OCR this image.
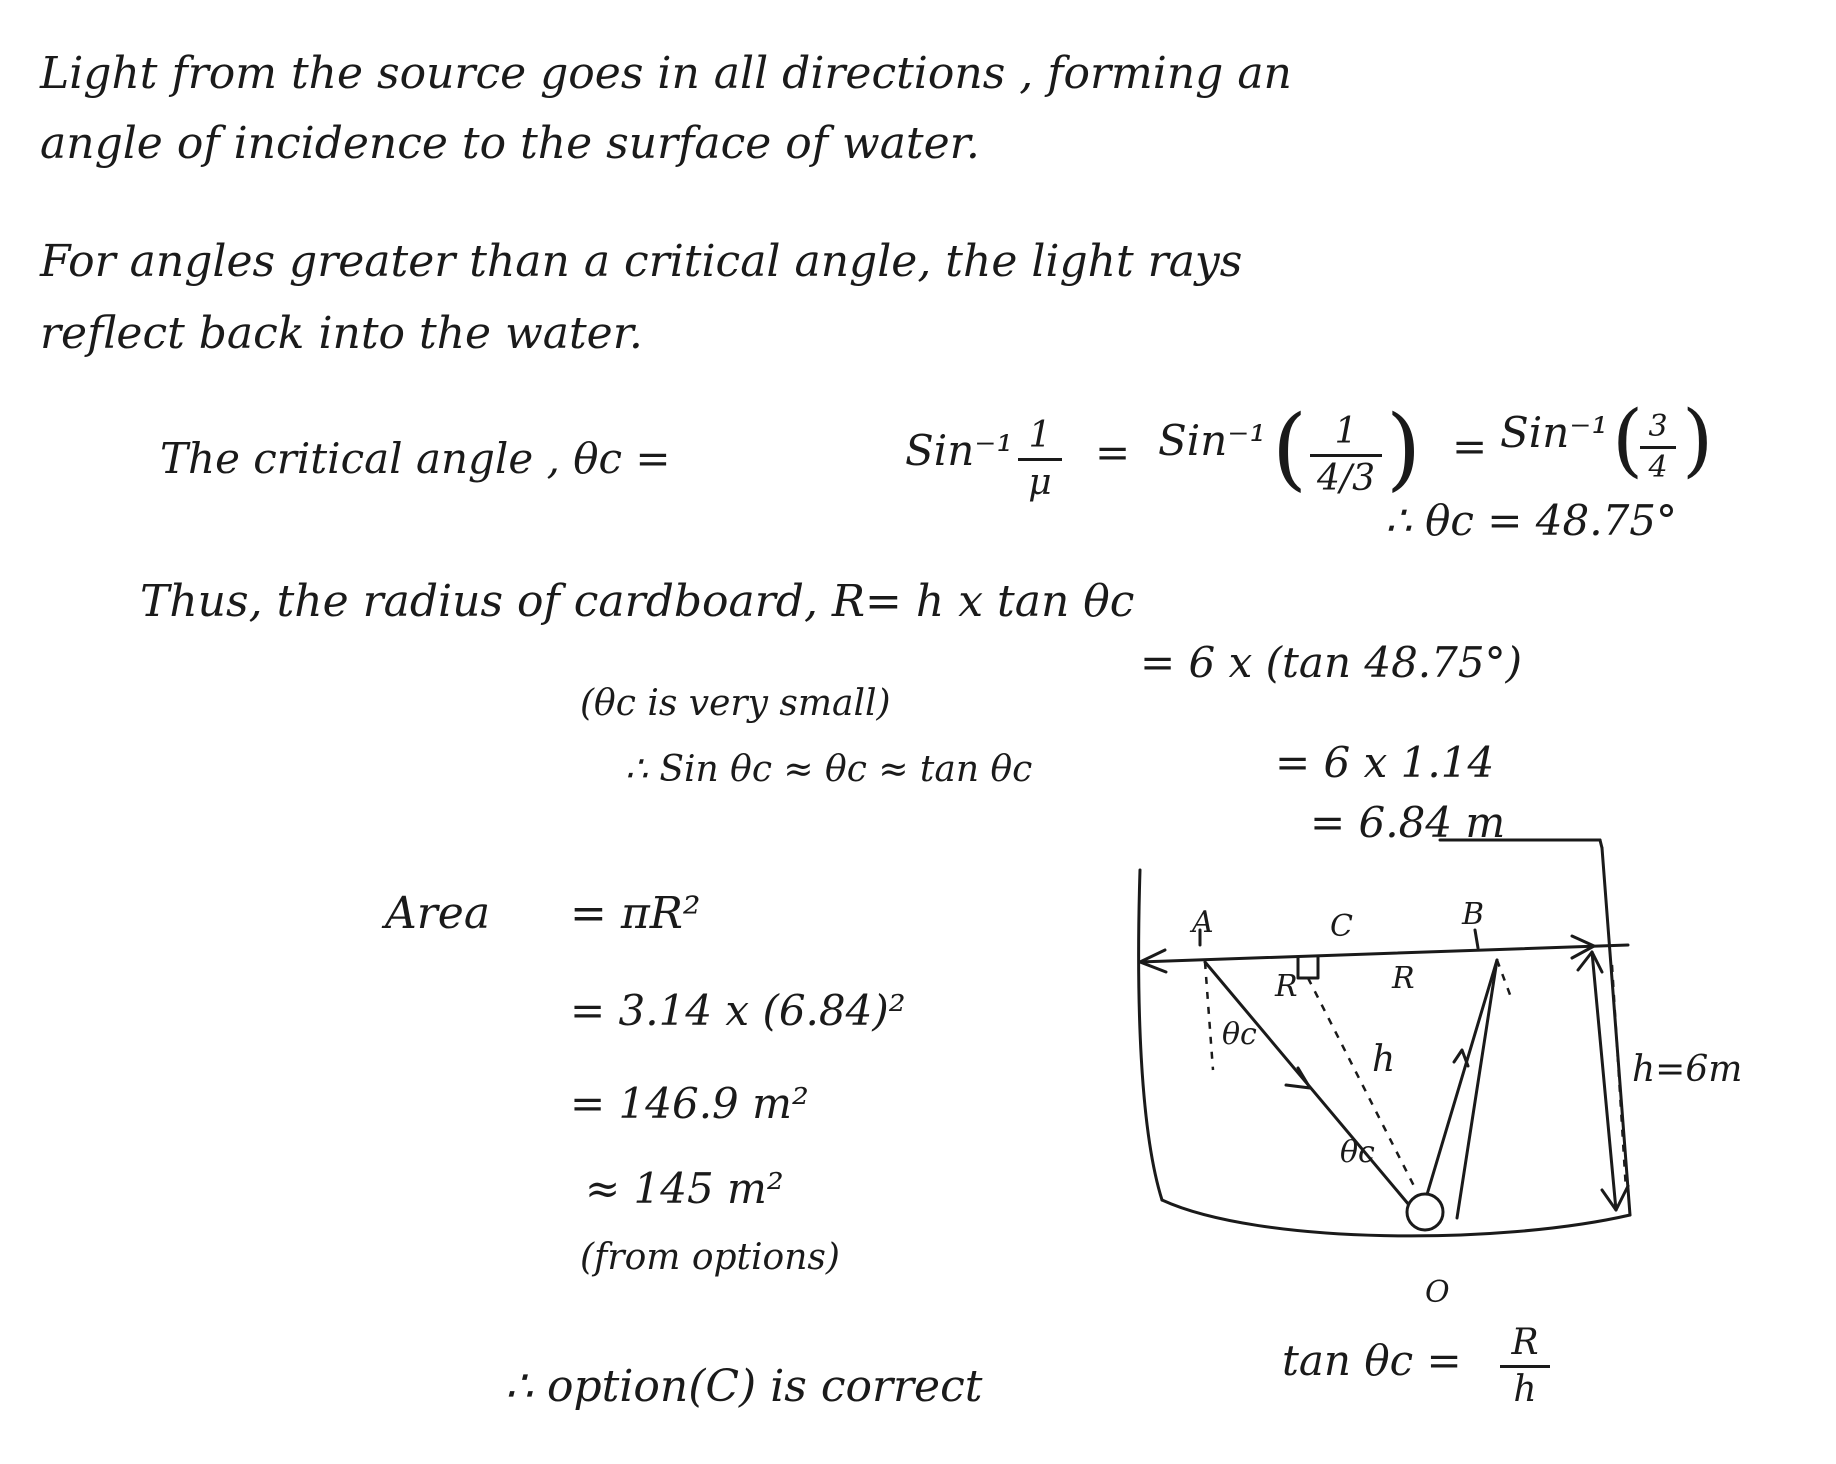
Light from the source goes in all directions , forming an
angle of incidence to the surface of water.
For angles greater than a critical angle, the light rays
reflect back into the water.
The critical angle , θc =	Sin⁻¹ 1
μ
= Sin⁻¹ ( 1
4/3 ) = Sin⁻¹ ( 3
4 )
∴ θc = 48.75°
Thus, the radius of cardboard, R= h x tan θc
= 6 x (tan 48.75°)
(θc is very small)
= 6 x 1.14
∴ Sin θc ≈ θc ≈ tan θc
= 6.84 m
Area = πR²
= 3.14 x (6.84)²
= 146.9 m²
≈ 145 m²
(from options)
∴ option(C) is correct
A	C	B
R	R
θc
h
θc
O
h=6m
tan θc =	R
h
